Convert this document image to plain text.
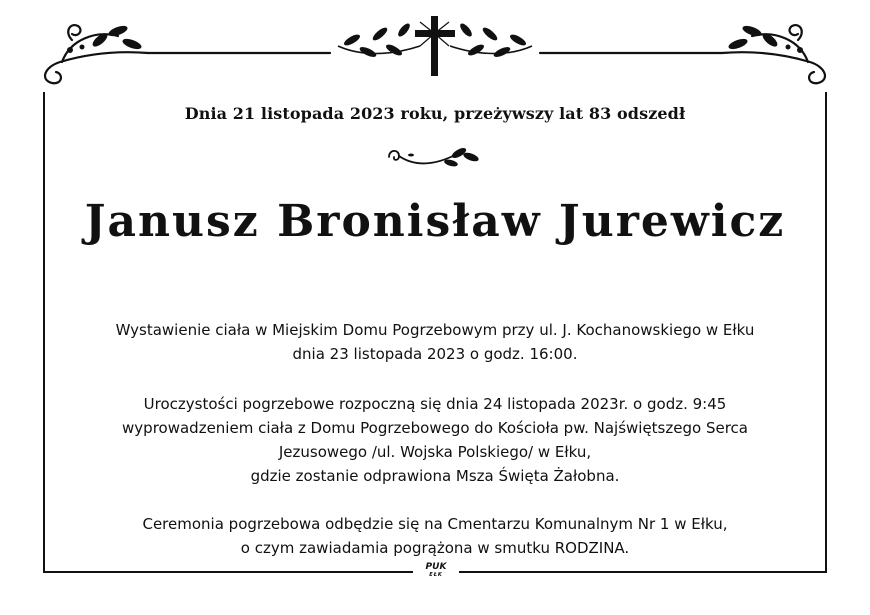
Dnia 21 listopada 2023 roku, przeżywszy lat 83 odszedł
Janusz Bronisław Jurewicz
Wystawienie ciała w Miejskim Domu Pogrzebowym przy ul. J. Kochanowskiego w Ełku
dnia 23 listopada 2023 o godz. 16:00.
Uroczystości pogrzebowe rozpoczną się dnia 24 listopada 2023r. o godz. 9:45
wyprowadzeniem ciała z Domu Pogrzebowego do Kościoła pw. Najświętszego Serca
Jezusowego /ul. Wojska Polskiego/ w Ełku,
gdzie zostanie odprawiona Msza Święta Żałobna.
Ceremonia pogrzebowa odbędzie się na Cmentarzu Komunalnym Nr 1 w Ełku,
o czym zawiadamia pogrążona w smutku RODZINA.
PUK
EŁK
